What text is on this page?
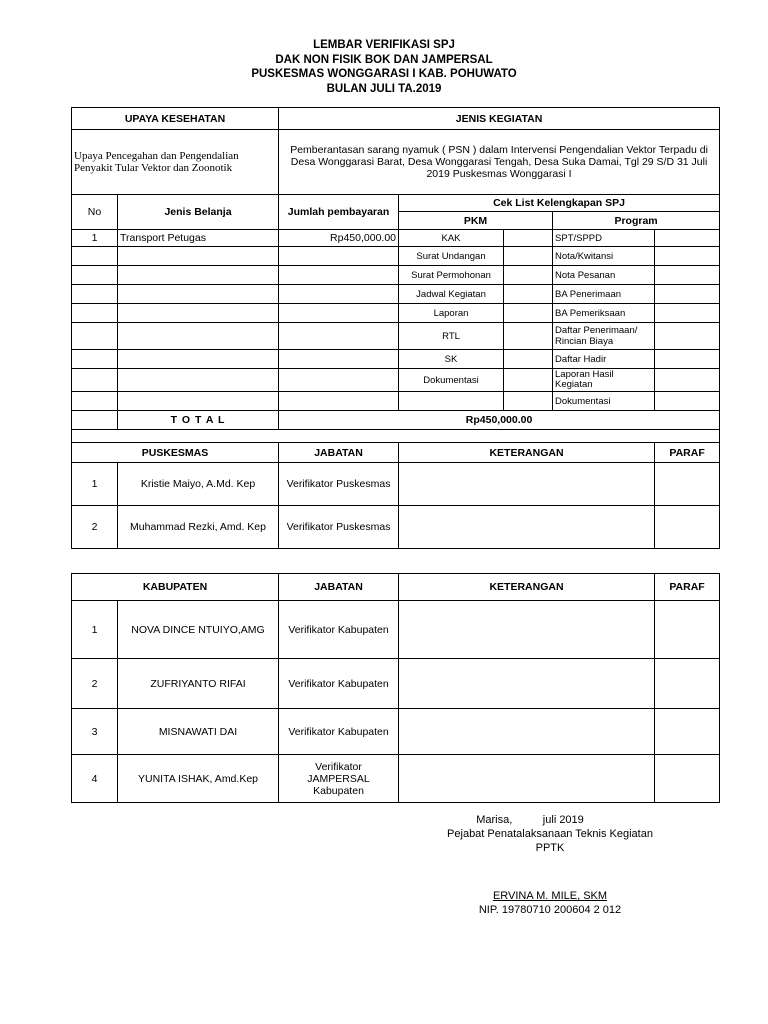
LEMBAR VERIFIKASI SPJ
DAK NON FISIK BOK DAN JAMPERSAL
PUSKESMAS WONGGARASI I KAB. POHUWATO
BULAN JULI TA.2019
UPAYA KESEHATAN		JENIS KEGIATAN				
Upaya Pencegahan dan Pengendalian Penyakit Tular Vektor dan Zoonotik		Pemberantasan sarang nyamuk ( PSN ) dalam Intervensi Pengendalian Vektor Terpadu di Desa Wonggarasi Barat, Desa Wonggarasi Tengah, Desa Suka Damai, Tgl 29 S/D 31 Juli 2019 Puskesmas Wonggarasi I				
No	Jenis Belanja	Jumlah pembayaran	Cek List Kelengkapan SPJ			
			PKM		Program	
1	Transport Petugas	Rp450,000.00	KAK		SPT/SPPD	
			Surat Undangan		Nota/Kwitansi	
			Surat Permohonan		Nota Pesanan	
			Jadwal Kegiatan		BA Penerimaan	
			Laporan		BA Pemeriksaan	
			RTL		Daftar Penerimaan/ Rincian Biaya	
			SK		Daftar Hadir	
			Dokumentasi		Laporan Hasil Kegiatan	
					Dokumentasi	
	T O T A L	Rp450,000.00				

PUSKESMAS		JABATAN	KETERANGAN			PARAF
1	Kristie Maiyo, A.Md. Kep	Verifikator Puskesmas				
2	Muhammad Rezki, Amd. Kep	Verifikator Puskesmas				
KABUPATEN		JABATAN	KETERANGAN	PARAF
1	NOVA DINCE NTUIYO,AMG	Verifikator Kabupaten		
2	ZUFRIYANTO RIFAI	Verifikator Kabupaten		
3	MISNAWATI DAI	Verifikator Kabupaten		
4	YUNITA ISHAK, Amd.Kep	Verifikator JAMPERSAL Kabupaten		
Marisa,          juli 2019
Pejabat Penatalaksanaan Teknis Kegiatan
PPTK
ERVINA M. MILE, SKM
NIP. 19780710 200604 2 012
